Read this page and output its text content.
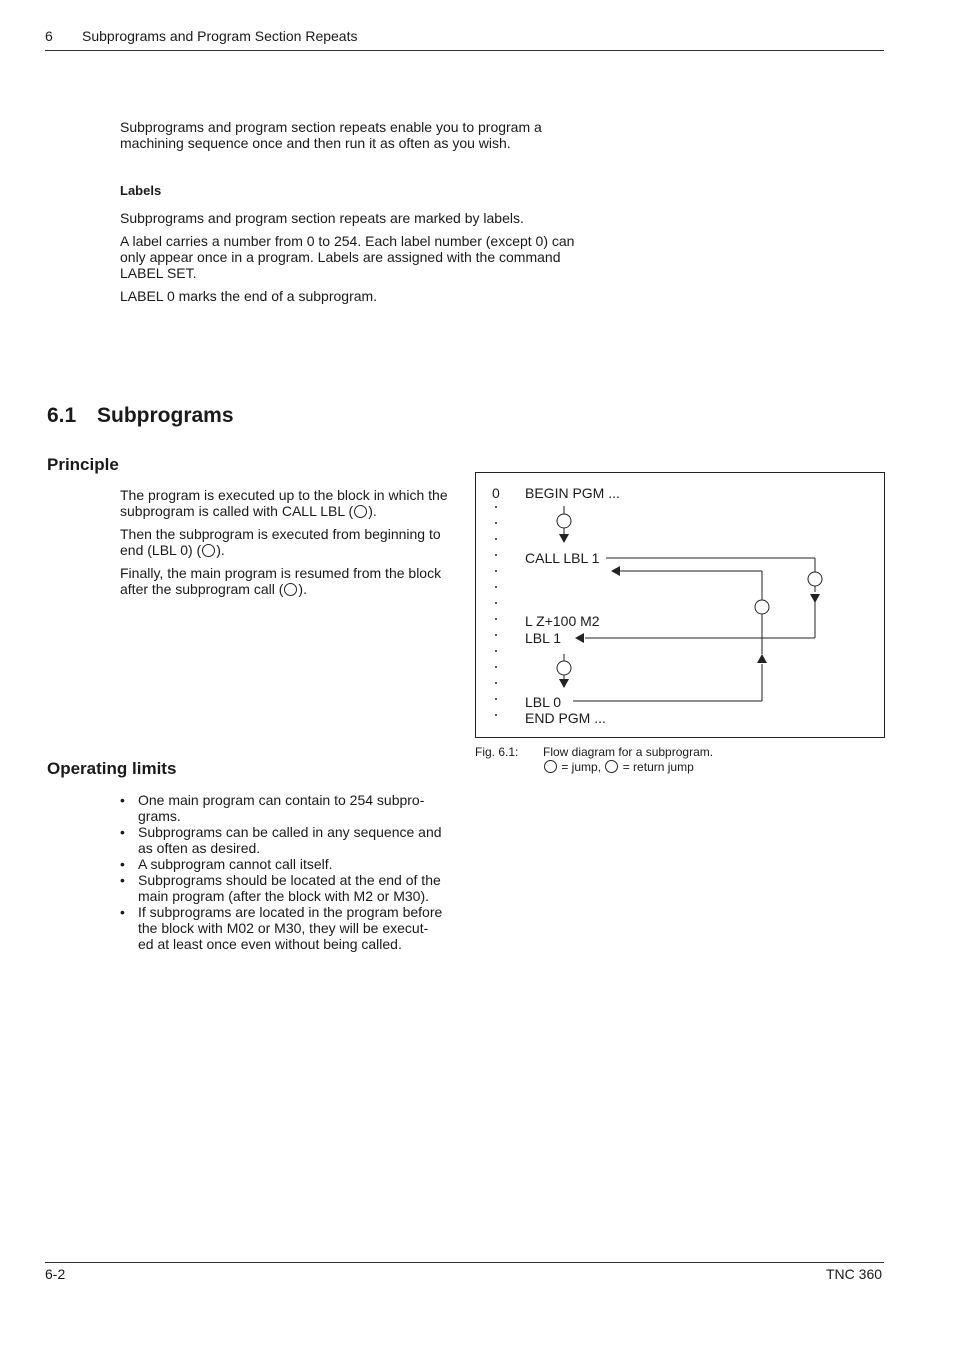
6 Subprograms and Program Section Repeats
Subprograms and program section repeats enable you to program a machining sequence once and then run it as often as you wish.
Labels

Subprograms and program section repeats are marked by labels.

A label carries a number from 0 to 254. Each label number (except 0) can only appear once in a program. Labels are assigned with the command LABEL SET.

LABEL 0 marks the end of a subprogram.

6.1 Subprograms
Principle

The program is executed up to the block in which the subprogram is called with CALL LBL ( ).

Then the subprogram is executed from beginning to end (LBL 0) ( ).

Finally, the main program is resumed from the block after the subprogram call ( ).

0 BEGIN PGM ...
CALL LBL 1
L Z+100 M2
LBL 1
LBL 0
END PGM ...
Fig. 6.1: Flow diagram for a subprogram.
= jump, = return jump
Operating limits
• One main program can contain to 254 subpro-
grams.
• Subprograms can be called in any sequence and
as often as desired.
• A subprogram cannot call itself.
• Subprograms should be located at the end of the
main program (after the block with M2 or M30).
• If subprograms are located in the program before
the block with M02 or M30, they will be execut-
ed at least once even without being called.
6-2	TNC 360
